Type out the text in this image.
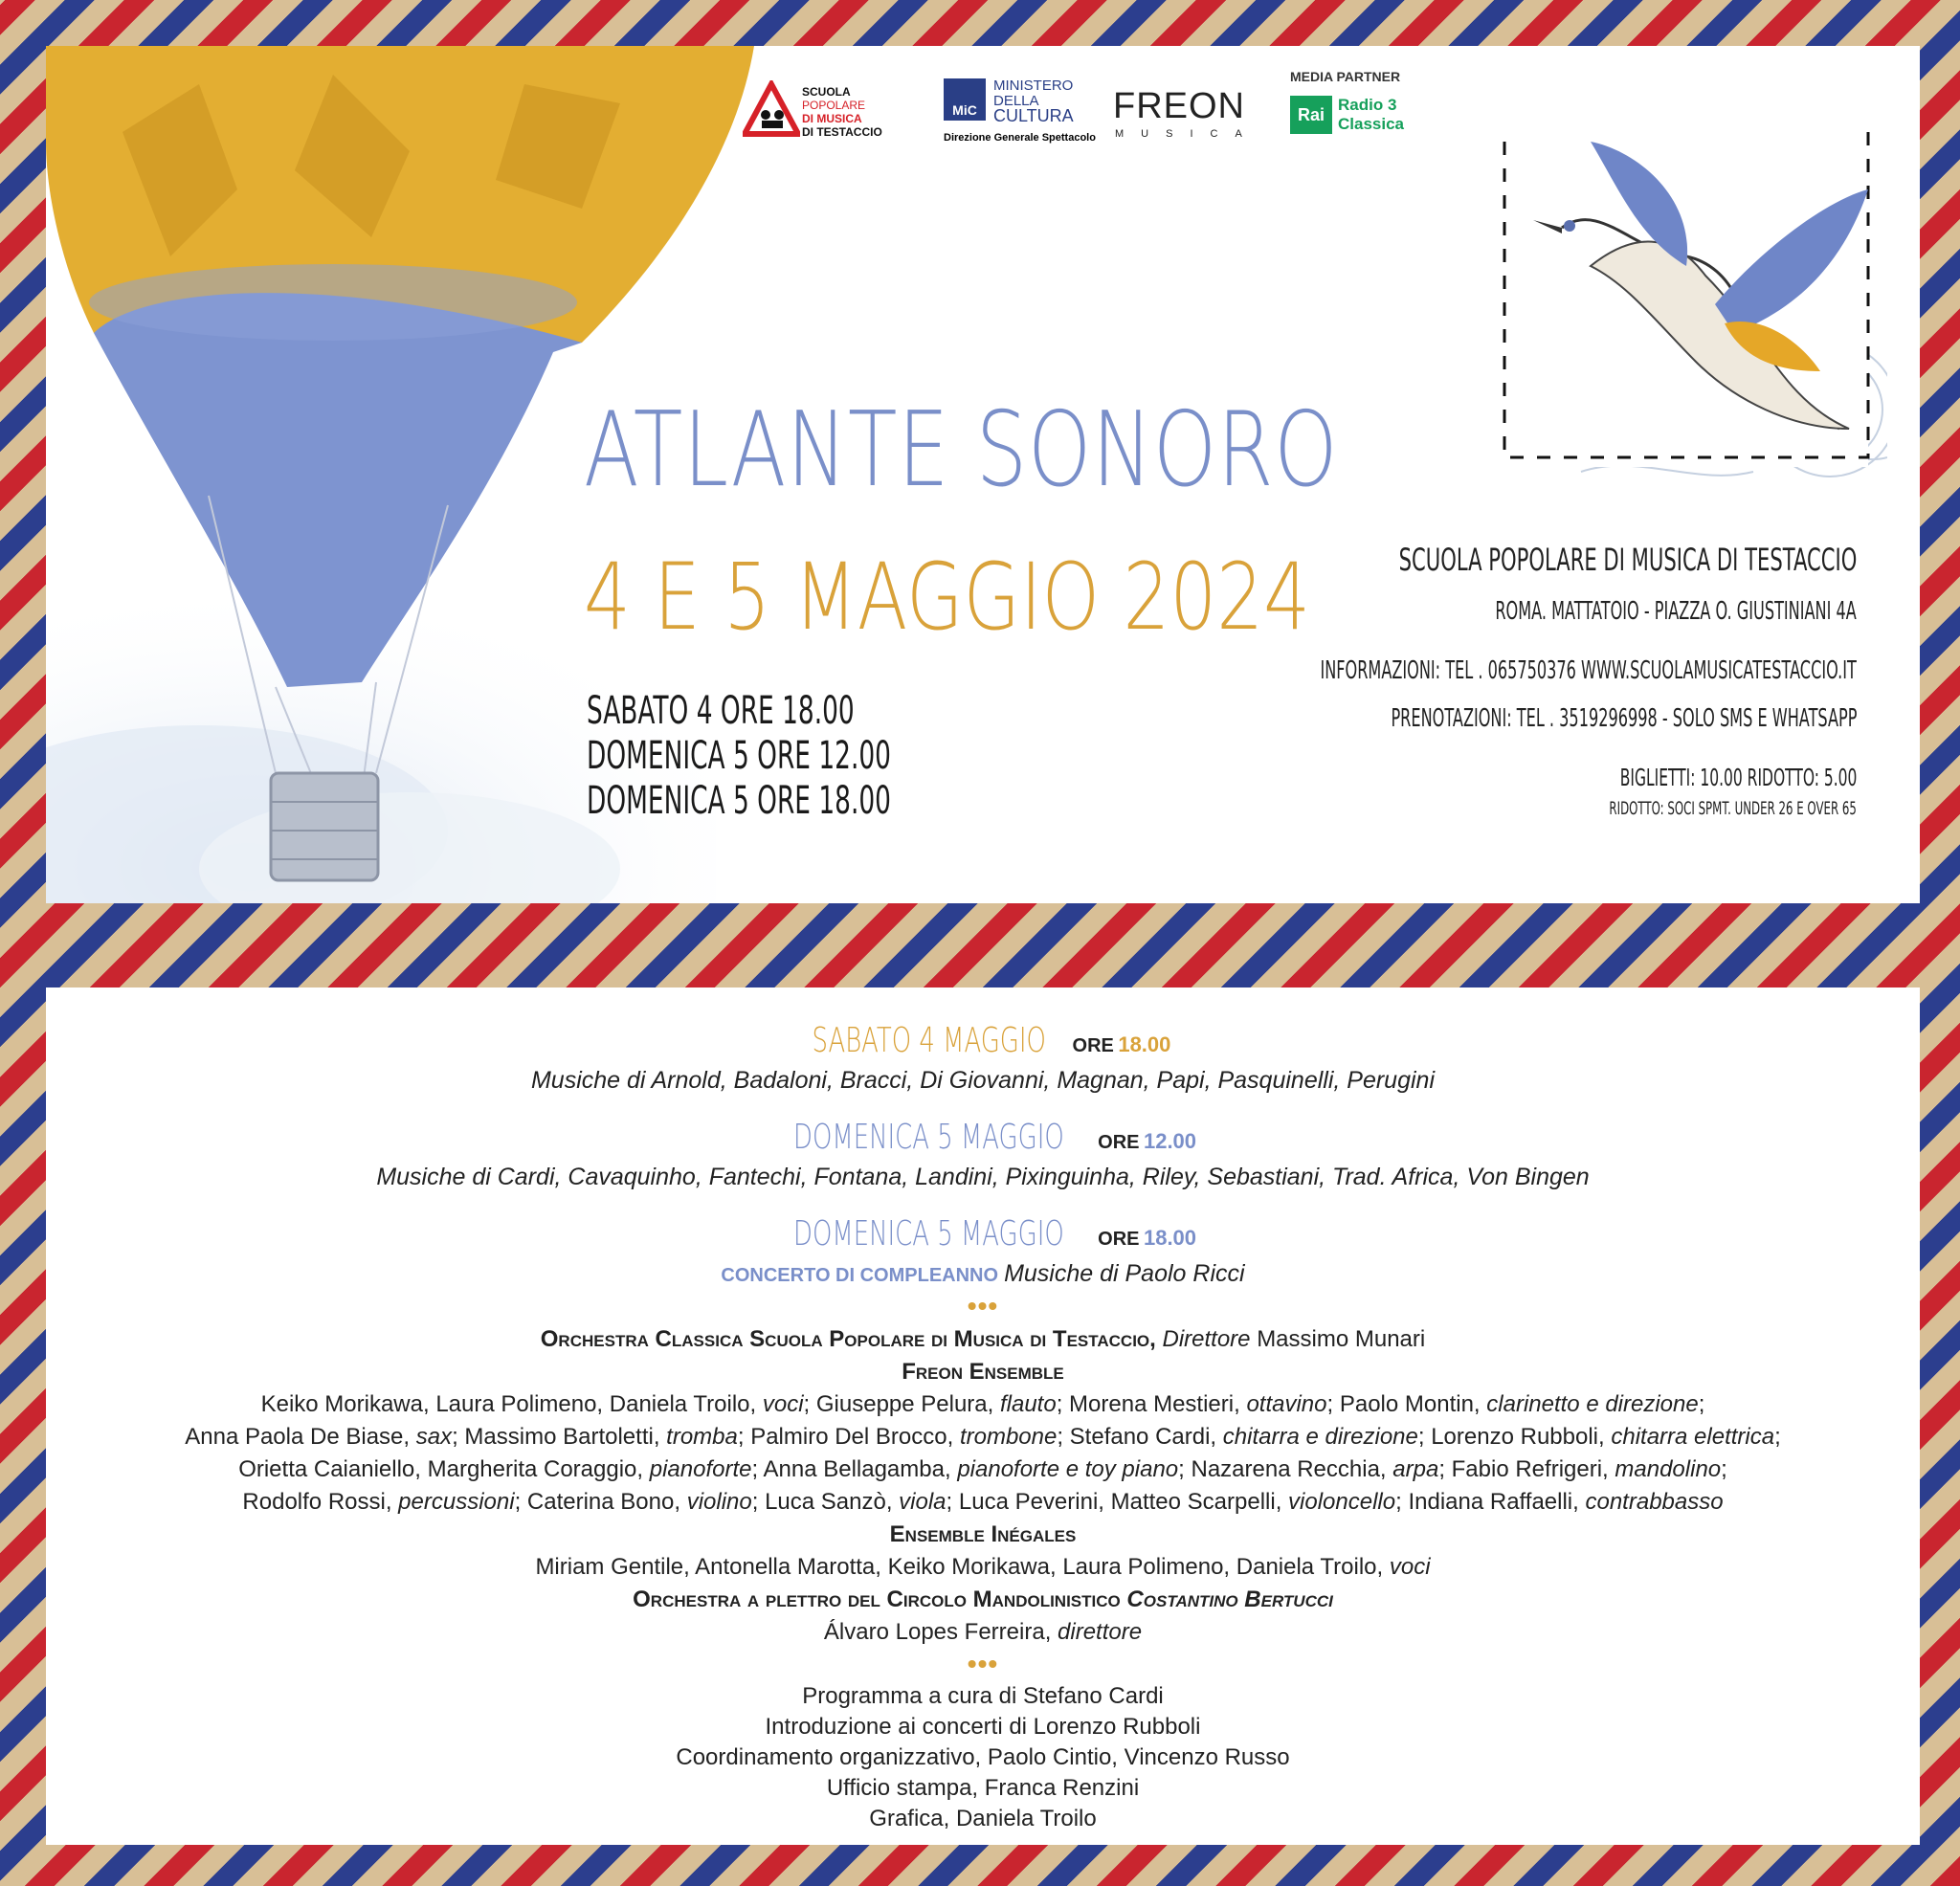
SCUOLA
POPOLARE
DI MUSICA
DI TESTACCIO
MiC
MINISTERO
DELLA
CULTURA
Direzione Generale Spettacolo
FREON
MUSICA
MEDIA PARTNER
Rai
Radio 3
Classica
ATLANTE SONORO
4 E 5 MAGGIO 2024
SABATO 4 ORE 18.00
DOMENICA 5 ORE 12.00
DOMENICA 5 ORE 18.00

SCUOLA POPOLARE DI MUSICA DI TESTACCIO

ROMA. MATTATOIO - PIAZZA O. GIUSTINIANI 4A

INFORMAZIONI: TEL . 065750376 WWW.SCUOLAMUSICATESTACCIO.IT

PRENOTAZIONI: TEL . 3519296998 - SOLO SMS E WHATSAPP

BIGLIETTI: 10.00 RIDOTTO: 5.00

RIDOTTO: SOCI SPMT. UNDER 26 E OVER 65

SABATO 4 MAGGIO ORE 18.00

Musiche di Arnold, Badaloni, Bracci, Di Giovanni, Magnan, Papi, Pasquinelli, Perugini

DOMENICA 5 MAGGIO ORE 12.00

Musiche di Cardi, Cavaquinho, Fantechi, Fontana, Landini, Pixinguinha, Riley, Sebastiani, Trad. Africa, Von Bingen

DOMENICA 5 MAGGIO ORE 18.00

CONCERTO DI COMPLEANNO Musiche di Paolo Ricci

•••

Orchestra Classica Scuola Popolare di Musica di Testaccio, Direttore Massimo Munari

Freon Ensemble

Keiko Morikawa, Laura Polimeno, Daniela Troilo, voci; Giuseppe Pelura, flauto; Morena Mestieri, ottavino; Paolo Montin, clarinetto e direzione;

Anna Paola De Biase, sax; Massimo Bartoletti, tromba; Palmiro Del Brocco, trombone; Stefano Cardi, chitarra e direzione; Lorenzo Rubboli, chitarra elettrica;

Orietta Caianiello, Margherita Coraggio, pianoforte; Anna Bellagamba, pianoforte e toy piano; Nazarena Recchia, arpa; Fabio Refrigeri, mandolino;

Rodolfo Rossi, percussioni; Caterina Bono, violino; Luca Sanzò, viola; Luca Peverini, Matteo Scarpelli, violoncello; Indiana Raffaelli, contrabbasso

Ensemble Inégales

Miriam Gentile, Antonella Marotta, Keiko Morikawa, Laura Polimeno, Daniela Troilo, voci

Orchestra a plettro del Circolo Mandolinistico Costantino Bertucci

Álvaro Lopes Ferreira, direttore

•••

Programma a cura di Stefano Cardi

Introduzione ai concerti di Lorenzo Rubboli

Coordinamento organizzativo, Paolo Cintio, Vincenzo Russo

Ufficio stampa, Franca Renzini

Grafica, Daniela Troilo
